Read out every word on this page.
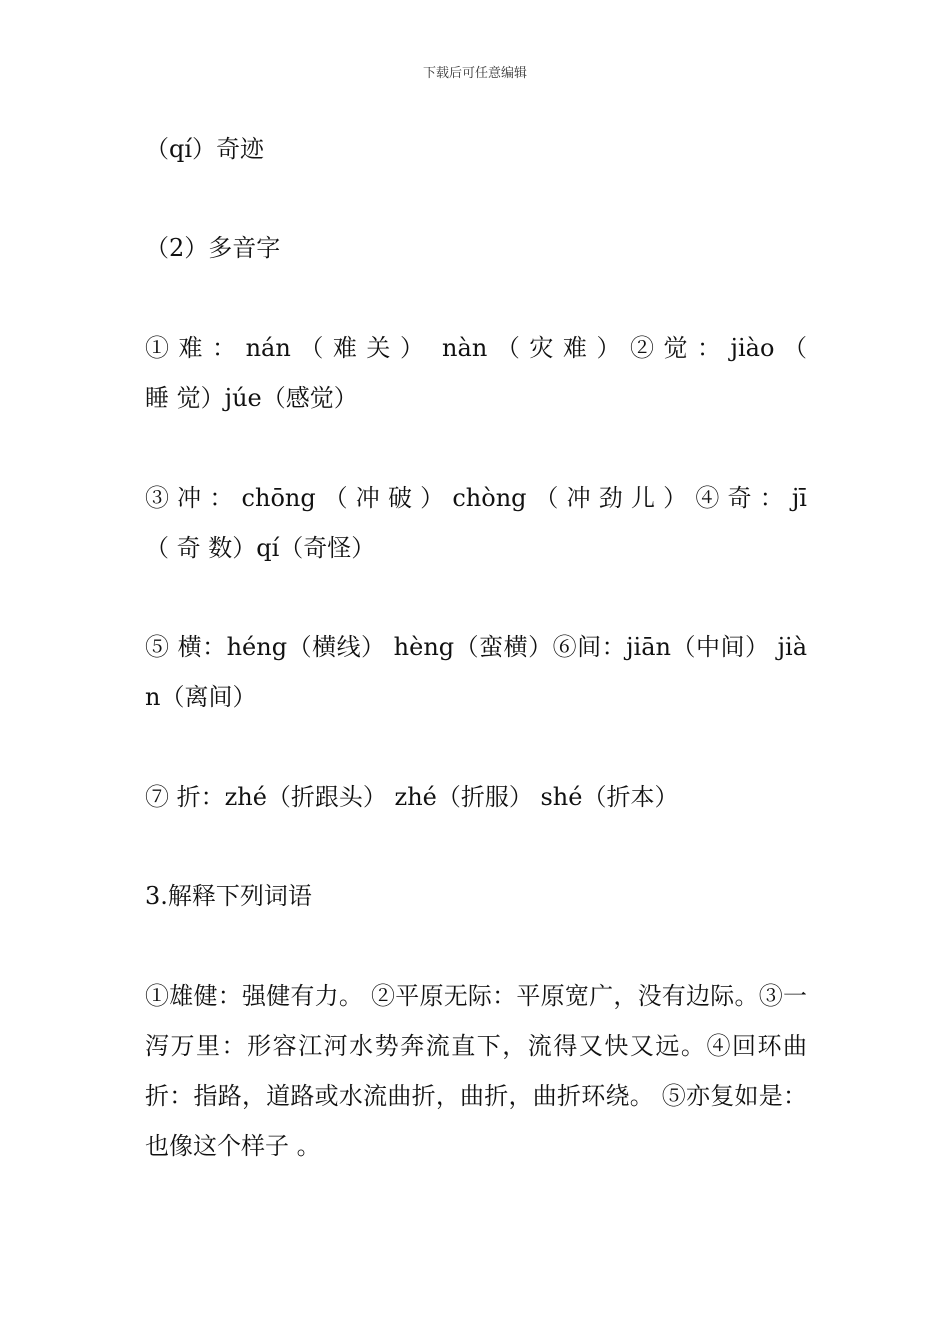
下载后可任意编辑
（qí）奇迹
（2）多音字
① 难 ： nán （ 难 关 ）  nàn （ 灾 难 ） ② 觉 ： jiào （ 睡 觉）júe（感觉）
③ 冲 ： chōng （ 冲 破 ） chòng （ 冲 劲 儿 ） ④ 奇 ： jī （ 奇 数）qí（奇怪）
⑤ 横：héng（横线） hèng（蛮横）⑥间：jiān（中间） jiàn（离间）
⑦ 折：zhé（折跟头） zhé（折服） shé（折本）
3.解释下列词语
①雄健：强健有力。 ②平原无际：平原宽广，没有边际。③一泻万里：形容江河水势奔流直下，流得又快又远。④回环曲折：指路，道路或水流曲折，曲折，曲折环绕。 ⑤亦复如是：也像这个样子 。
